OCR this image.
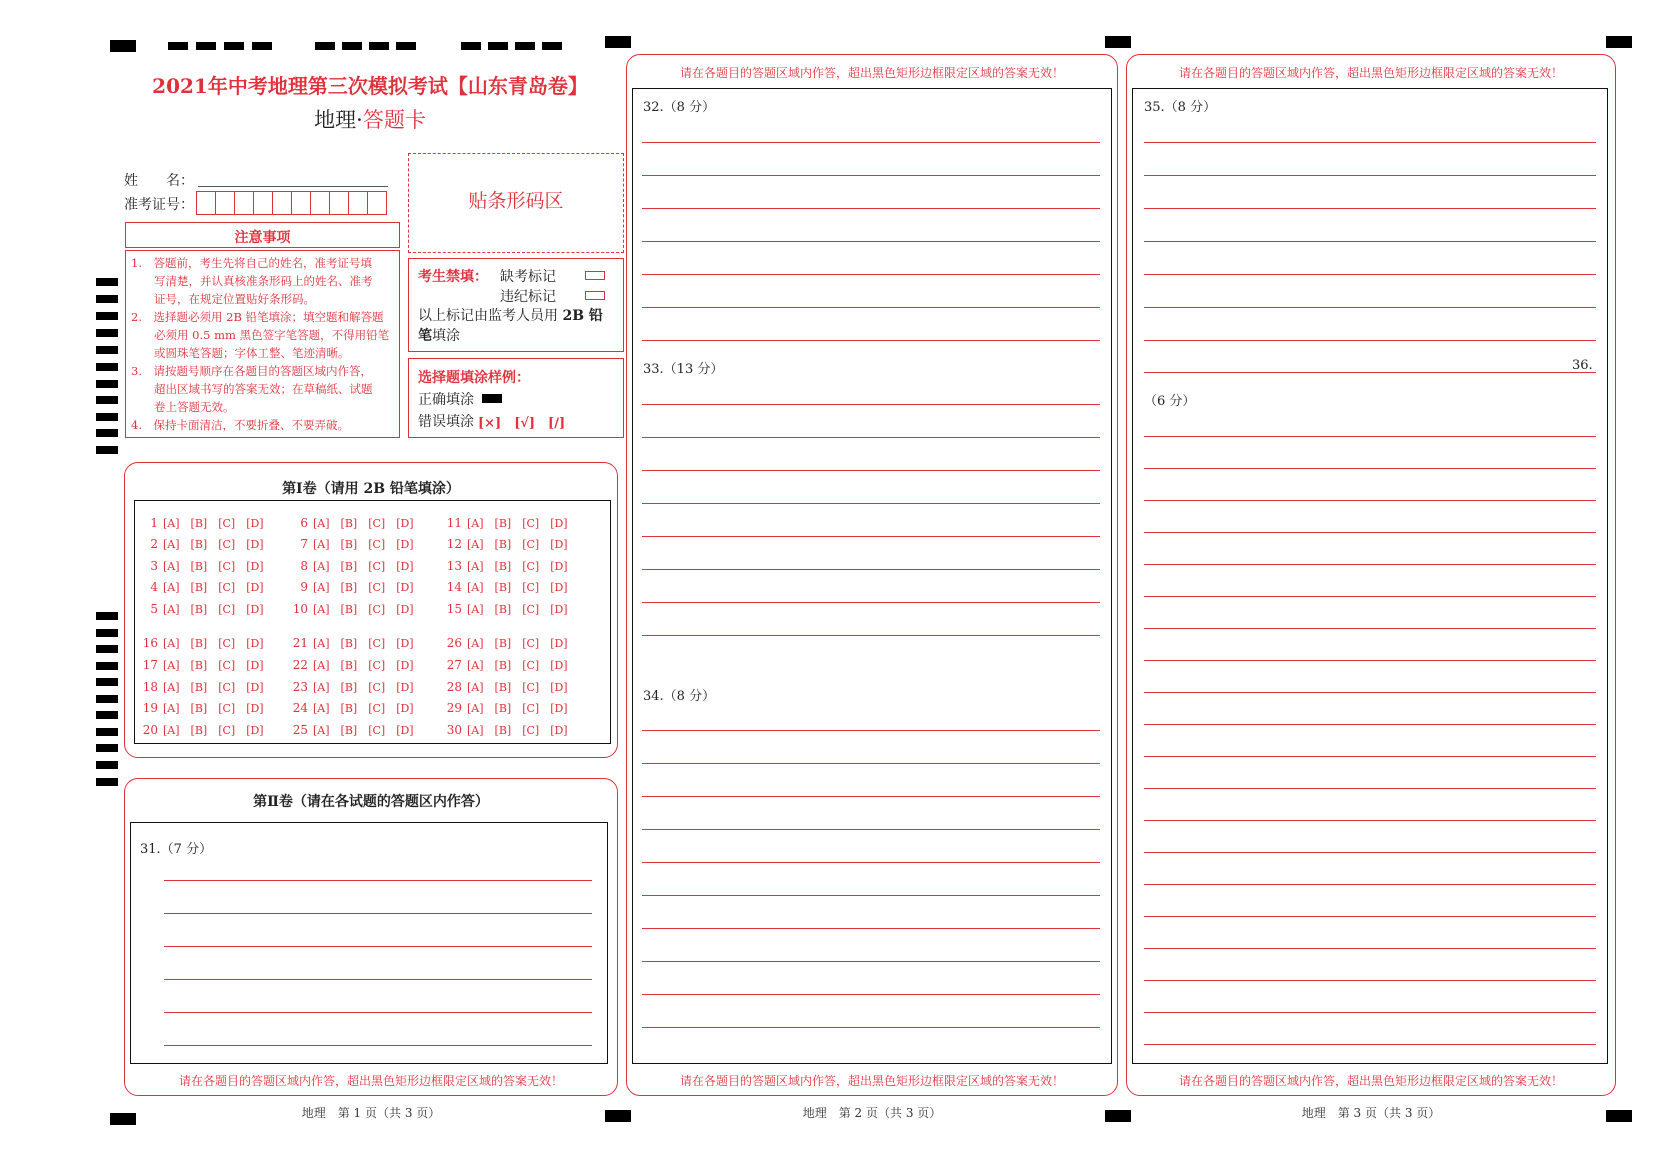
2021年中考地理第三次模拟考试【山东青岛卷】
地理·答题卡
姓　　名：
准考证号：	贴条形码区
注意事项
1.　答题前，考生先将自己的姓名，准考证号填
　　写清楚，并认真核准条形码上的姓名、准考
　　证号，在规定位置贴好条形码。
2.　选择题必须用 2B 铅笔填涂；填空题和解答题
　　必须用 0.5 mm 黑色签字笔答题，不得用铅笔
　　或圆珠笔答题；字体工整、笔迹清晰。
3.　请按题号顺序在各题目的答题区域内作答，
　　超出区域书写的答案无效；在草稿纸、试题
　　卷上答题无效。
4.　保持卡面清洁，不要折叠、不要弄破。
考生禁填： 缺考标记
违纪标记
以上标记由监考人员用 2B 铅
笔填涂
选择题填涂样例：
正确填涂
错误填涂 [×]　[√]　[/]
第Ⅰ卷（请用 2B 铅笔填涂）
1 [A]　[B]　[C]　[D]
2 [A]　[B]　[C]　[D]
3 [A]　[B]　[C]　[D]
4 [A]　[B]　[C]　[D]
5 [A]　[B]　[C]　[D]
6 [A]　[B]　[C]　[D]
7 [A]　[B]　[C]　[D]
8 [A]　[B]　[C]　[D]
9 [A]　[B]　[C]　[D]
10 [A]　[B]　[C]　[D]
11 [A]　[B]　[C]　[D]
12 [A]　[B]　[C]　[D]
13 [A]　[B]　[C]　[D]
14 [A]　[B]　[C]　[D]
15 [A]　[B]　[C]　[D]
16 [A]　[B]　[C]　[D]
17 [A]　[B]　[C]　[D]
18 [A]　[B]　[C]　[D]
19 [A]　[B]　[C]　[D]
20 [A]　[B]　[C]　[D]
21 [A]　[B]　[C]　[D]
22 [A]　[B]　[C]　[D]
23 [A]　[B]　[C]　[D]
24 [A]　[B]　[C]　[D]
25 [A]　[B]　[C]　[D]
26 [A]　[B]　[C]　[D]
27 [A]　[B]　[C]　[D]
28 [A]　[B]　[C]　[D]
29 [A]　[B]　[C]　[D]
30 [A]　[B]　[C]　[D]
第Ⅱ卷（请在各试题的答题区内作答）
31.（7 分）
请在各题目的答题区域内作答，超出黑色矩形边框限定区域的答案无效！
请在各题目的答题区域内作答，超出黑色矩形边框限定区域的答案无效！
32.（8 分）
33.（13 分）
34.（8 分）
请在各题目的答题区域内作答，超出黑色矩形边框限定区域的答案无效！
请在各题目的答题区域内作答，超出黑色矩形边框限定区域的答案无效！
35.（8 分）
36.
（6 分）
请在各题目的答题区域内作答，超出黑色矩形边框限定区域的答案无效！
地理　第 1 页（共 3 页）	地理　第 2 页（共 3 页）	地理　第 3 页（共 3 页）
